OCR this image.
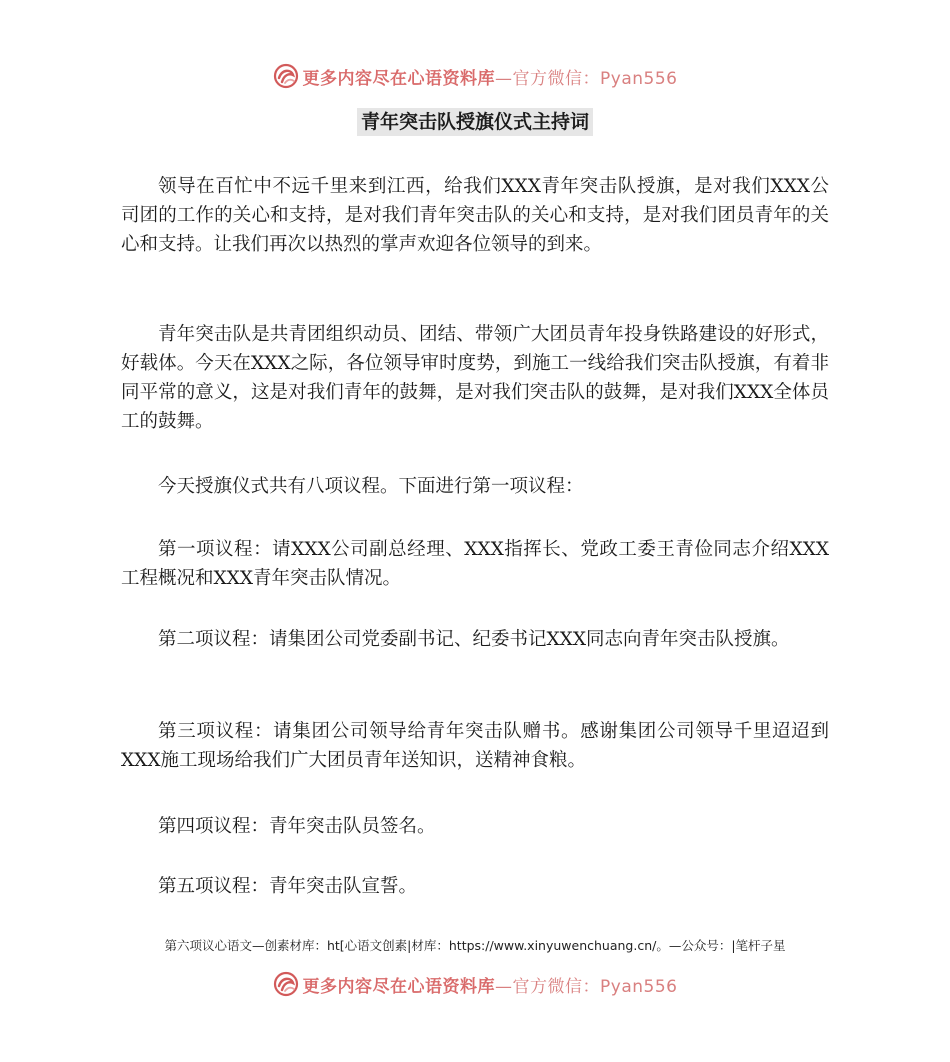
更多内容尽在心语资料库 —官方微信：Pyan556
青年突击队授旗仪式主持词

领导在百忙中不远千里来到江西，给我们XXX青年突击队授旗，是对我们XXX公司团的工作的关心和支持，是对我们青年突击队的关心和支持，是对我们团员青年的关心和支持。让我们再次以热烈的掌声欢迎各位领导的到来。

青年突击队是共青团组织动员、团结、带领广大团员青年投身铁路建设的好形式，好载体。今天在XXX之际，各位领导审时度势，到施工一线给我们突击队授旗，有着非同平常的意义，这是对我们青年的鼓舞，是对我们突击队的鼓舞，是对我们XXX全体员工的鼓舞。

今天授旗仪式共有八项议程。下面进行第一项议程：

第一项议程：请XXX公司副总经理、XXX指挥长、党政工委王青俭同志介绍XXX工程概况和XXX青年突击队情况。

第二项议程：请集团公司党委副书记、纪委书记XXX同志向青年突击队授旗。

第三项议程：请集团公司领导给青年突击队赠书。感谢集团公司领导千里迢迢到XXX施工现场给我们广大团员青年送知识，送精神食粮。

第四项议程：青年突击队员签名。

第五项议程：青年突击队宣誓。

第六项议心语文—创素材库：ht[心语文创素|材库：https://www.xinyuwenchuang.cn/。—公众号：|笔杆子星
更多内容尽在心语资料库 —官方微信：Pyan556
